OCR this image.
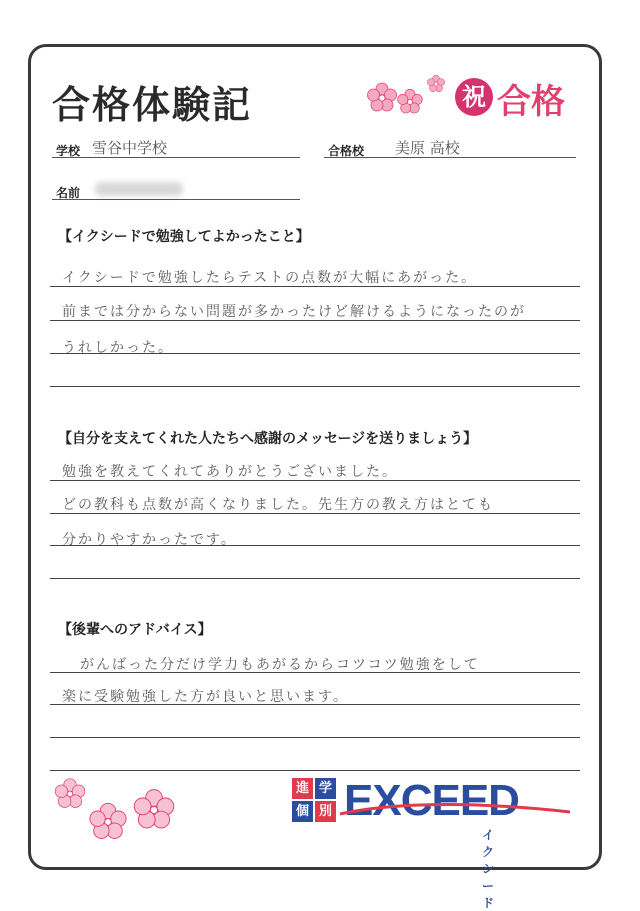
合格体験記	祝 合格
学校 雪谷中学校	合格校 美原 高校
名前
【イクシードで勉強してよかったこと】
イクシードで勉強したらテストの点数が大幅にあがった。
前までは分からない問題が多かったけど解けるようになったのが
うれしかった。
【自分を支えてくれた人たちへ感謝のメッセージを送りましょう】
勉強を教えてくれてありがとうございました。
どの教科も点数が高くなりました。先生方の教え方はとても
分かりやすかったです。
【後輩へのアドバイス】
がんばった分だけ学力もあがるからコツコツ勉強をして
楽に受験勉強した方が良いと思います。
進 学
個 別 EXCEED
イクシード
